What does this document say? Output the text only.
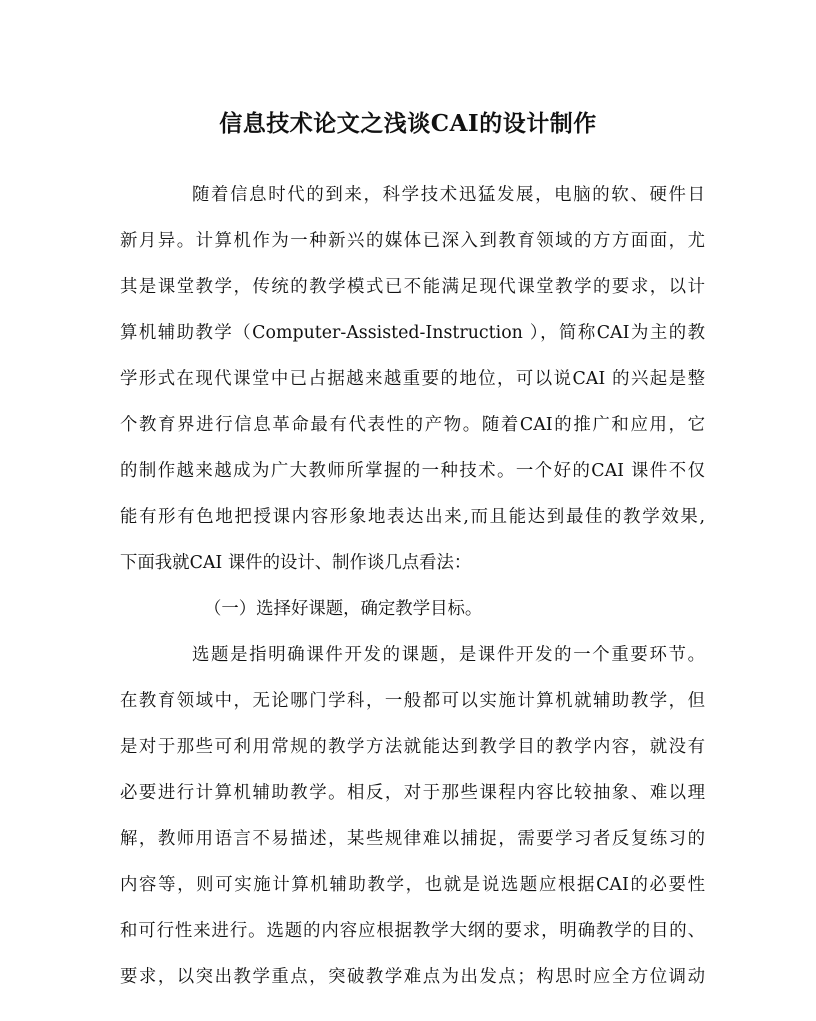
信息技术论文之浅谈CAI的设计制作
随着信息时代的到来，科学技术迅猛发展，电脑的软、硬件日
新月异。计算机作为一种新兴的媒体已深入到教育领域的方方面面，尤
其是课堂教学，传统的教学模式已不能满足现代课堂教学的要求，以计
算机辅助教学（Computer-Assisted-Instruction ），简称CAI为主的教
学形式在现代课堂中已占据越来越重要的地位，可以说CAI 的兴起是整
个教育界进行信息革命最有代表性的产物。随着CAI的推广和应用，它
的制作越来越成为广大教师所掌握的一种技术。一个好的CAI 课件不仅
能有形有色地把授课内容形象地表达出来,而且能达到最佳的教学效果,
下面我就CAI 课件的设计、制作谈几点看法：
（一）选择好课题，确定教学目标。
选题是指明确课件开发的课题，是课件开发的一个重要环节。
在教育领域中，无论哪门学科，一般都可以实施计算机就辅助教学，但
是对于那些可利用常规的教学方法就能达到教学目的教学内容，就没有
必要进行计算机辅助教学。相反，对于那些课程内容比较抽象、难以理
解，教师用语言不易描述，某些规律难以捕捉，需要学习者反复练习的
内容等，则可实施计算机辅助教学，也就是说选题应根据CAI的必要性
和可行性来进行。选题的内容应根据教学大纲的要求，明确教学的目的、
要求，以突出教学重点，突破教学难点为出发点；构思时应全方位调动
